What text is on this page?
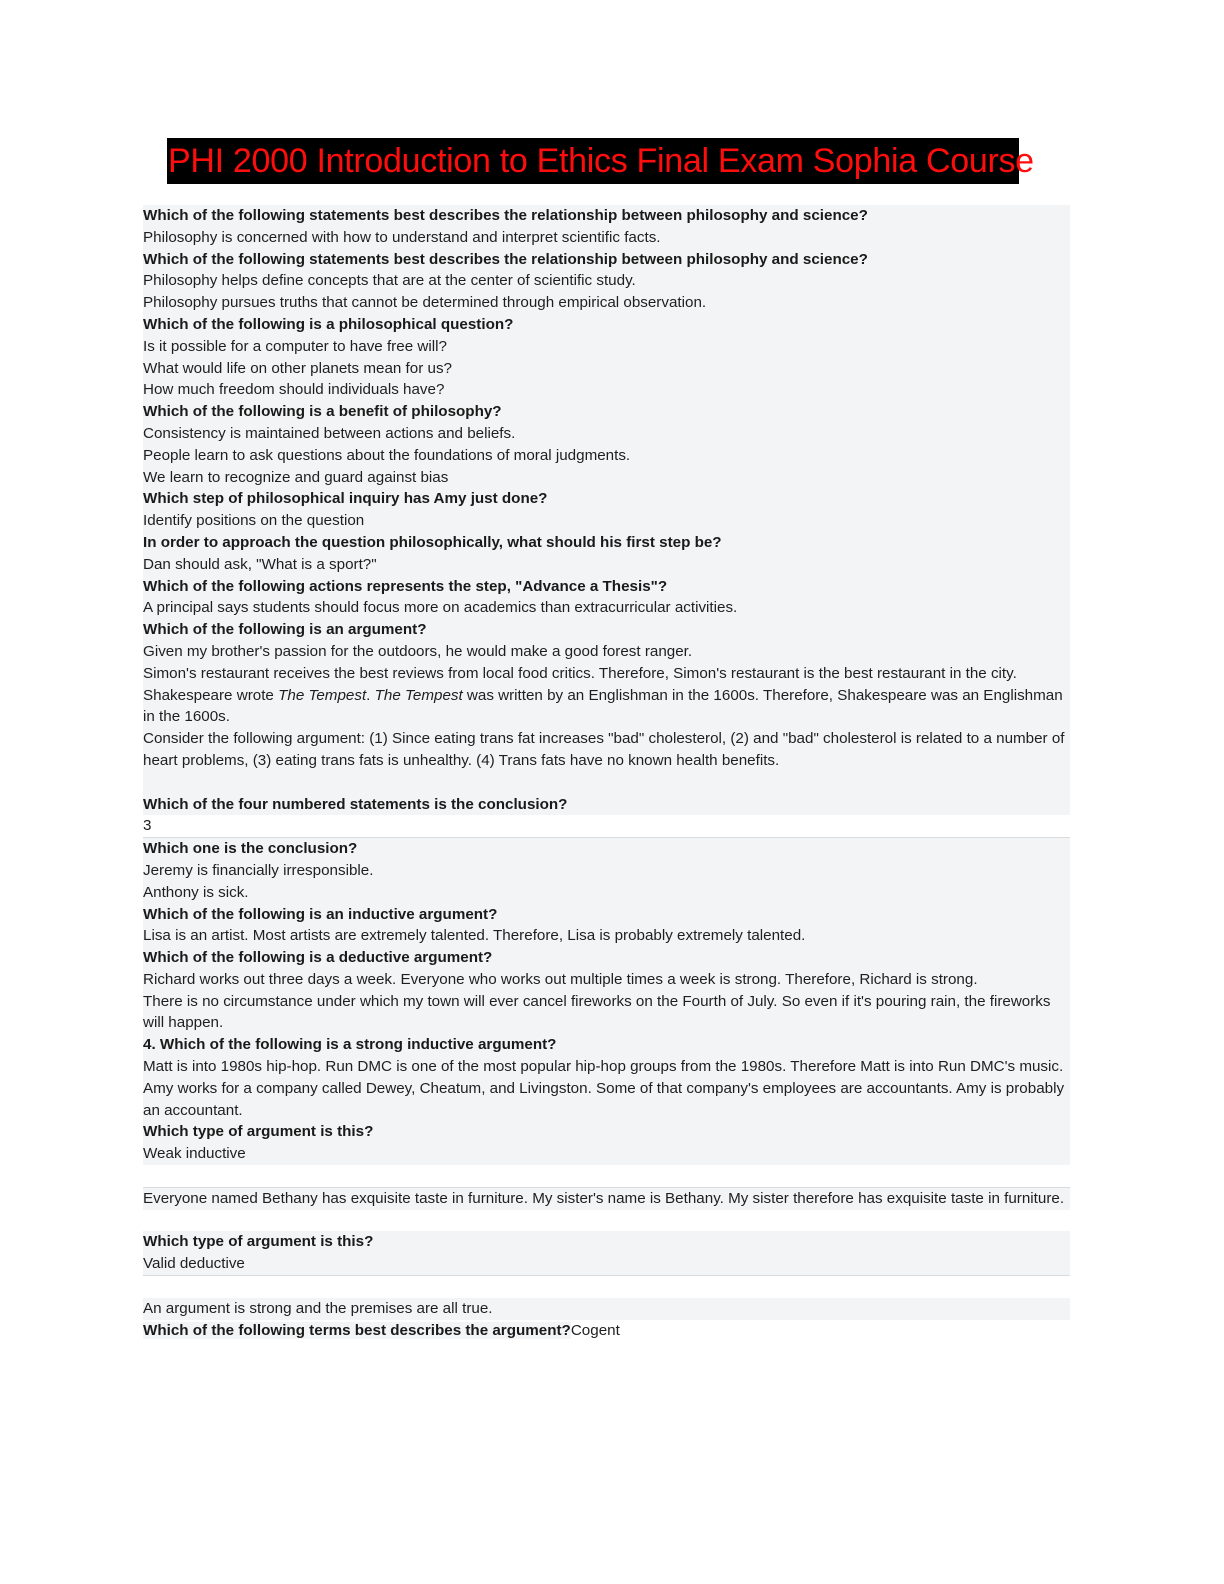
PHI 2000 Introduction to Ethics Final Exam Sophia Course
Which of the following statements best describes the relationship between philosophy and science?
Philosophy is concerned with how to understand and interpret scientific facts.
Which of the following statements best describes the relationship between philosophy and science?
Philosophy helps define concepts that are at the center of scientific study.
Philosophy pursues truths that cannot be determined through empirical observation.
Which of the following is a philosophical question?
Is it possible for a computer to have free will?
What would life on other planets mean for us?
How much freedom should individuals have?
Which of the following is a benefit of philosophy?
Consistency is maintained between actions and beliefs.
People learn to ask questions about the foundations of moral judgments.
We learn to recognize and guard against bias
Which step of philosophical inquiry has Amy just done?
Identify positions on the question
In order to approach the question philosophically, what should his first step be?
Dan should ask, "What is a sport?"
Which of the following actions represents the step, "Advance a Thesis"?
A principal says students should focus more on academics than extracurricular activities.
Which of the following is an argument?
Given my brother's passion for the outdoors, he would make a good forest ranger.
Simon's restaurant receives the best reviews from local food critics. Therefore, Simon's restaurant is the best restaurant in the city.
Shakespeare wrote The Tempest. The Tempest was written by an Englishman in the 1600s. Therefore, Shakespeare was an Englishman in the 1600s.
Consider the following argument: (1) Since eating trans fat increases "bad" cholesterol, (2) and "bad" cholesterol is related to a number of heart problems, (3) eating trans fats is unhealthy. (4) Trans fats have no known health benefits.
Which of the four numbered statements is the conclusion?
3
Which one is the conclusion?
Jeremy is financially irresponsible.
Anthony is sick.
Which of the following is an inductive argument?
Lisa is an artist. Most artists are extremely talented. Therefore, Lisa is probably extremely talented.
Which of the following is a deductive argument?
Richard works out three days a week. Everyone who works out multiple times a week is strong. Therefore, Richard is strong.
There is no circumstance under which my town will ever cancel fireworks on the Fourth of July. So even if it's pouring rain, the fireworks will happen.
4. Which of the following is a strong inductive argument?
Matt is into 1980s hip-hop. Run DMC is one of the most popular hip-hop groups from the 1980s. Therefore Matt is into Run DMC's music.
Amy works for a company called Dewey, Cheatum, and Livingston. Some of that company's employees are accountants. Amy is probably an accountant.
Which type of argument is this?
Weak inductive
Everyone named Bethany has exquisite taste in furniture. My sister's name is Bethany. My sister therefore has exquisite taste in furniture.
Which type of argument is this?
Valid deductive
An argument is strong and the premises are all true.
Which of the following terms best describes the argument?Cogent
